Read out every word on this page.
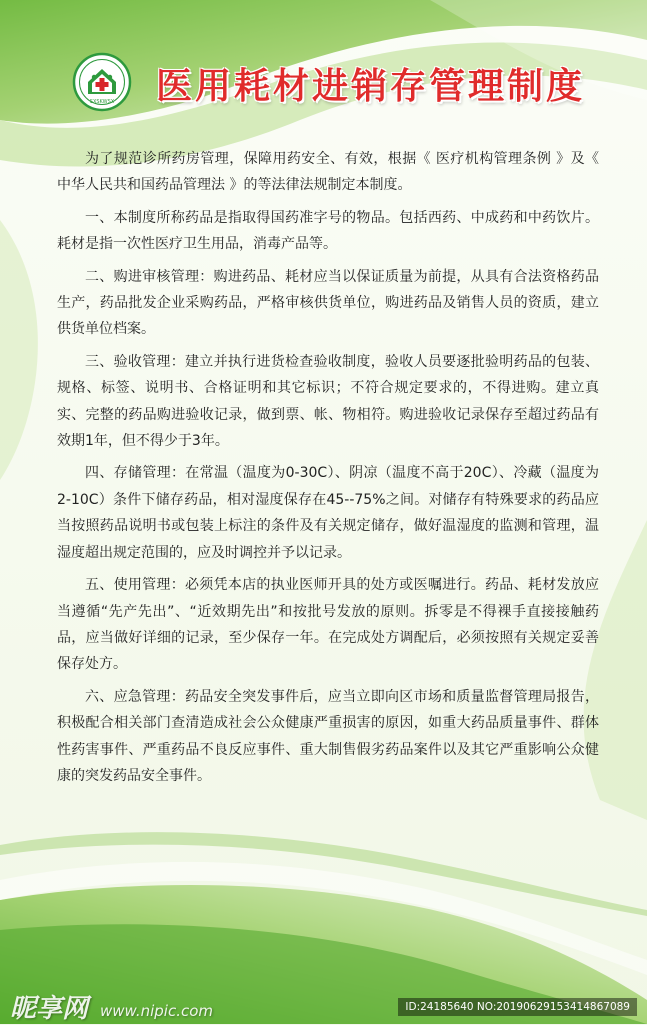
SXSKWSX 医用耗材进销存管理制度

为了规范诊所药房管理，保障用药安全、有效，根据《 医疗机构管理条例 》及《 中华人民共和国药品管理法 》的等法律法规制定本制度。

一、本制度所称药品是指取得国药准字号的物品。包括西药、中成药和中药饮片。耗材是指一次性医疗卫生用品，消毒产品等。

二、购进审核管理：购进药品、耗材应当以保证质量为前提，从具有合法资格药品生产，药品批发企业采购药品，严格审核供货单位，购进药品及销售人员的资质，建立供货单位档案。

三、验收管理：建立并执行进货检查验收制度，验收人员要逐批验明药品的包装、规格、标签、说明书、合格证明和其它标识；不符合规定要求的，不得进购。建立真实、完整的药品购进验收记录，做到票、帐、物相符。购进验收记录保存至超过药品有效期1年，但不得少于3年。

四、存储管理：在常温（温度为0-30C）、阴凉（温度不高于20C）、冷藏（温度为2-10C）条件下储存药品，相对湿度保存在45--75%之间。对储存有特殊要求的药品应当按照药品说明书或包装上标注的条件及有关规定储存，做好温湿度的监测和管理，温湿度超出规定范围的，应及时调控并予以记录。

五、使用管理：必须凭本店的执业医师开具的处方或医嘱进行。药品、耗材发放应当遵循“先产先出”、“近效期先出”和按批号发放的原则。拆零是不得裸手直接接触药品，应当做好详细的记录，至少保存一年。在完成处方调配后，必须按照有关规定妥善保存处方。

六、应急管理：药品安全突发事件后，应当立即向区市场和质量监督管理局报告，积极配合相关部门查清造成社会公众健康严重损害的原因，如重大药品质量事件、群体性药害事件、严重药品不良反应事件、重大制售假劣药品案件以及其它严重影响公众健康的突发药品安全事件。

昵享网 www.nipic.com	ID:24185640 NO:20190629153414867089
